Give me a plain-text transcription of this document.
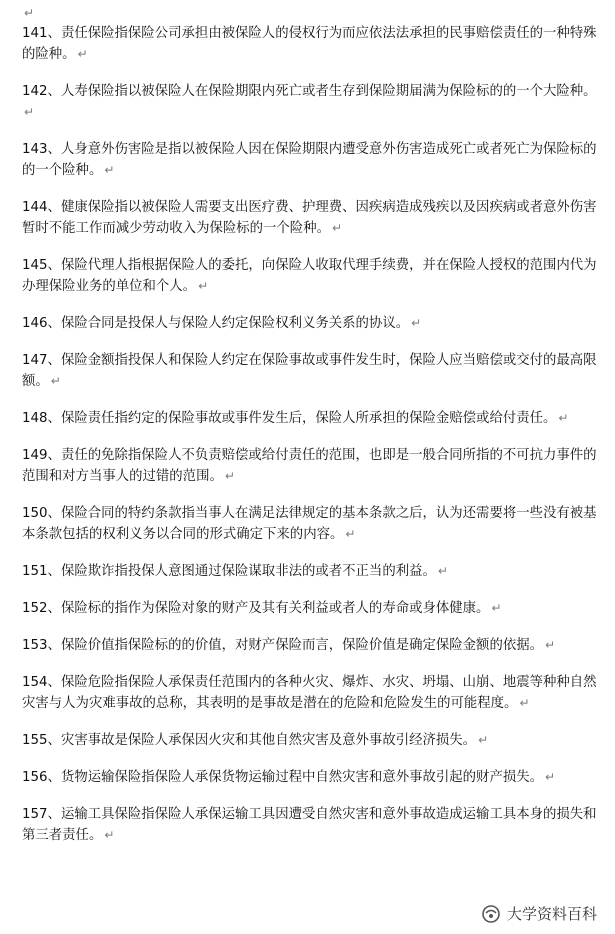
↵
141、责任保险指保险公司承担由被保险人的侵权行为而应依法法承担的民事赔偿责任的一种特殊的险种。 ↵
142、人寿保险指以被保险人在保险期限内死亡或者生存到保险期届满为保险标的的一个大险种。↵
143、人身意外伤害险是指以被保险人因在保险期限内遭受意外伤害造成死亡或者死亡为保险标的的一个险种。 ↵
144、健康保险指以被保险人需要支出医疗费、护理费、因疾病造成残疾以及因疾病或者意外伤害暂时不能工作而减少劳动收入为保险标的一个险种。 ↵
145、保险代理人指根据保险人的委托，向保险人收取代理手续费，并在保险人授权的范围内代为办理保险业务的单位和个人。 ↵
146、保险合同是投保人与保险人约定保险权利义务关系的协议。 ↵
147、保险金额指投保人和保险人约定在保险事故或事件发生时，保险人应当赔偿或交付的最高限额。 ↵
148、保险责任指约定的保险事故或事件发生后，保险人所承担的保险金赔偿或给付责任。 ↵
149、责任的免除指保险人不负责赔偿或给付责任的范围，也即是一般合同所指的不可抗力事件的范围和对方当事人的过错的范围。 ↵
150、保险合同的特约条款指当事人在满足法律规定的基本条款之后，认为还需要将一些没有被基本条款包括的权利义务以合同的形式确定下来的内容。 ↵
151、保险欺诈指投保人意图通过保险谋取非法的或者不正当的利益。 ↵
152、保险标的指作为保险对象的财产及其有关利益或者人的寿命或身体健康。 ↵
153、保险价值指保险标的的价值，对财产保险而言，保险价值是确定保险金额的依据。 ↵
154、保险危险指保险人承保责任范围内的各种火灾、爆炸、水灾、坍塌、山崩、地震等种种自然灾害与人为灾难事故的总称，其表明的是事故是潜在的危险和危险发生的可能程度。 ↵
155、灾害事故是保险人承保因火灾和其他自然灾害及意外事故引经济损失。 ↵
156、货物运输保险指保险人承保货物运输过程中自然灾害和意外事故引起的财产损失。 ↵
157、运输工具保险指保险人承保运输工具因遭受自然灾害和意外事故造成运输工具本身的损失和第三者责任。 ↵
大学资料百科
